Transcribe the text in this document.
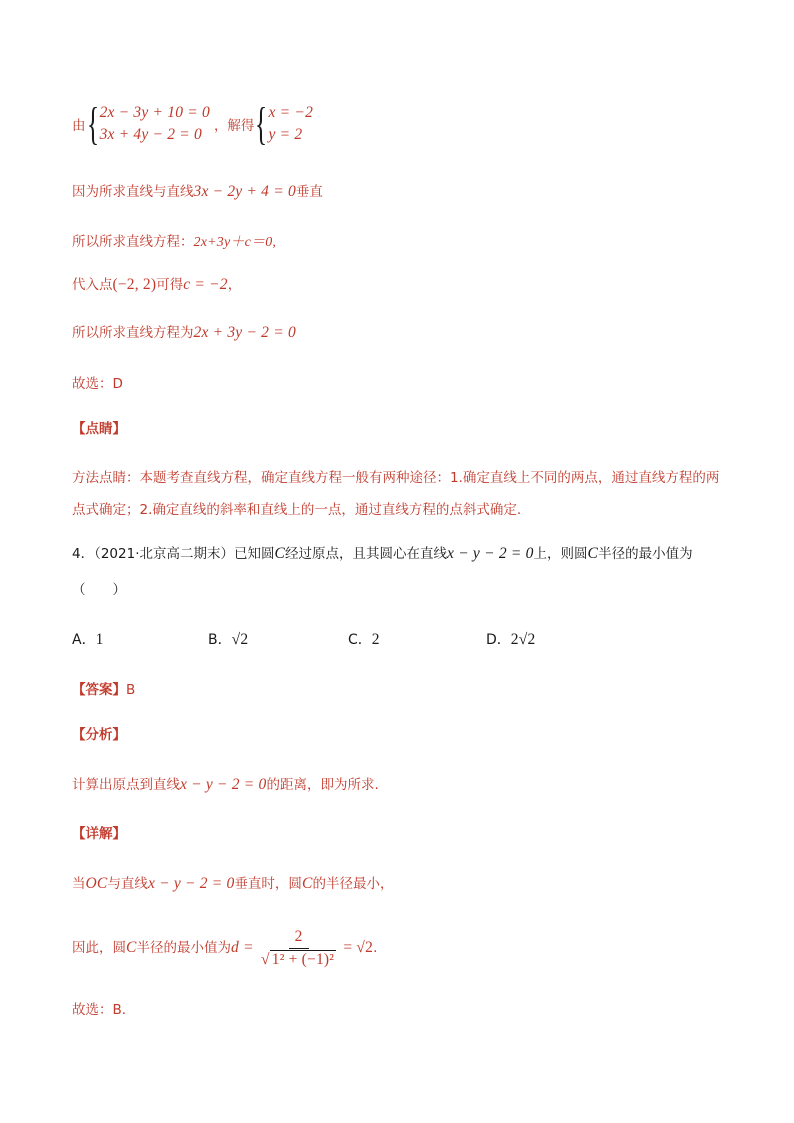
由 { 2x − 3y + 10 = 0
3x + 4y − 2 = 0 ，解得 { x = −2
y = 2
因为所求直线与直线3x − 2y + 4 = 0垂直
所以所求直线方程：2x+3y＋c＝0,
代入点(−2, 2)可得c = −2，
所以所求直线方程为2x + 3y − 2 = 0
故选：D
【点睛】
方法点睛：本题考查直线方程，确定直线方程一般有两种途径：1.确定直线上不同的两点，通过直线方程的两点式确定；2.确定直线的斜率和直线上的一点，通过直线方程的点斜式确定.
4．（2021·北京高二期末）已知圆C经过原点，且其圆心在直线x − y − 2 = 0上，则圆C半径的最小值为
（　　）
A．1	B．√2	C．2	D．2√2
【答案】B
【分析】
计算出原点到直线x − y − 2 = 0的距离，即为所求.
【详解】
当OC与直线x − y − 2 = 0垂直时，圆C的半径最小，
因此，圆C半径的最小值为$d = \frac{2}{\text{√ 1² + (−1)²}} = √2$.
故选：B.
